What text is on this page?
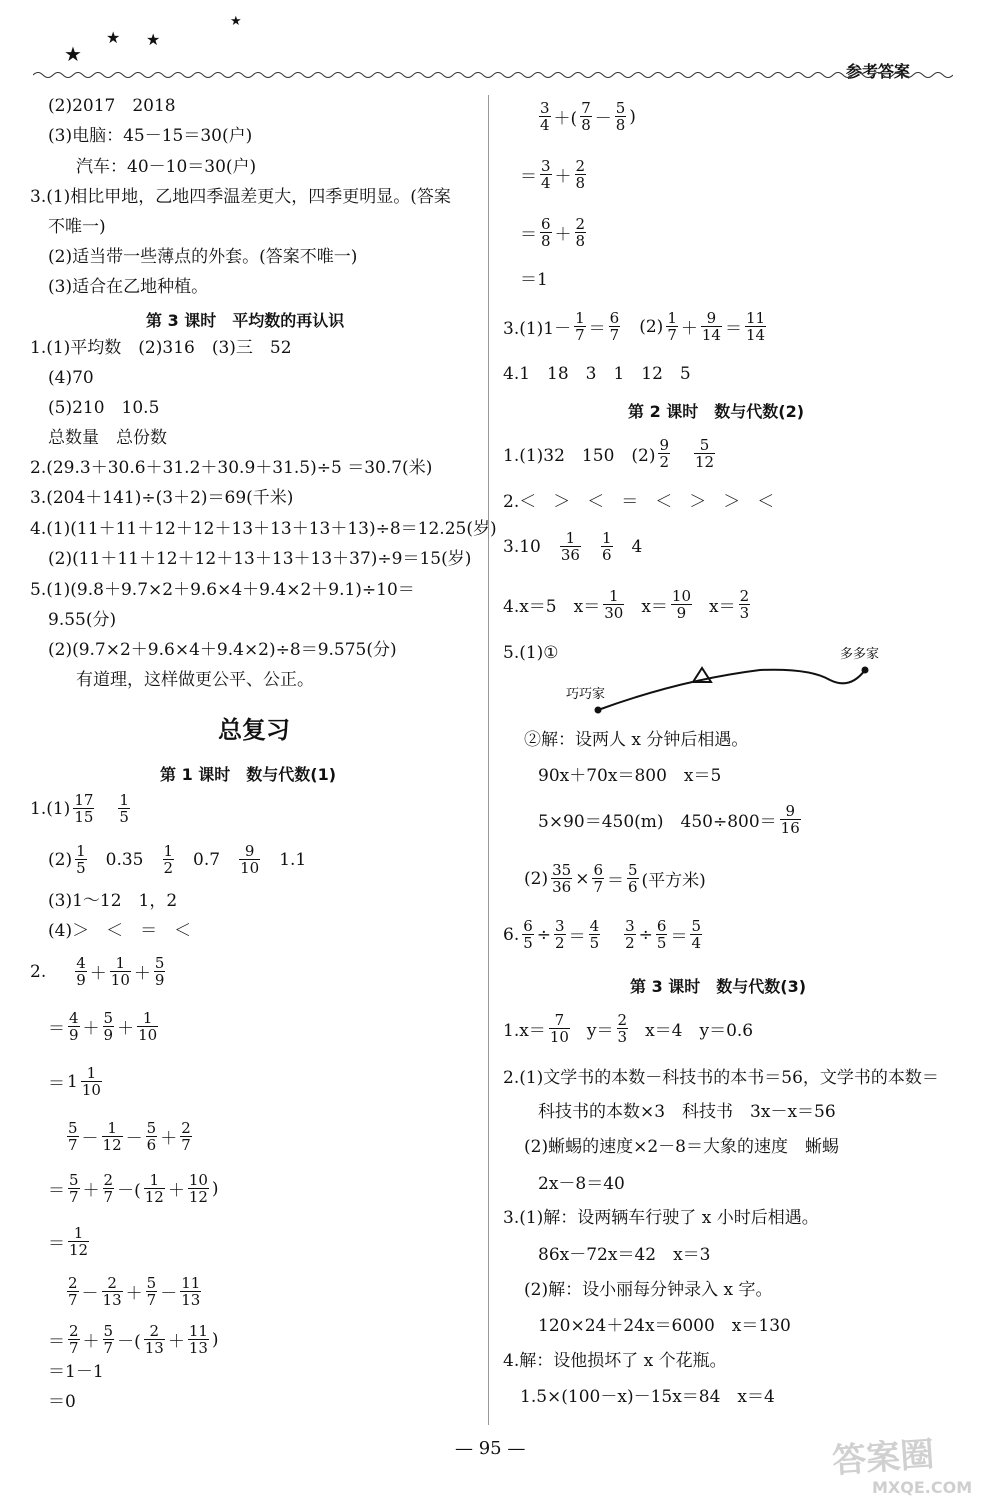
★
★ ★
★
参考答案
(2)2017　2018
(3)电脑：45－15＝30(户)
汽车：40－10＝30(户)
3.(1)相比甲地，乙地四季温差更大，四季更明显。(答案
不唯一)
(2)适当带一些薄点的外套。(答案不唯一)
(3)适合在乙地种植。
第 3 课时　平均数的再认识
1.(1)平均数　(2)316　(3)三　52
(4)70
(5)210　10.5
总数量　总份数
2.(29.3＋30.6＋31.2＋30.9＋31.5)÷5 ＝30.7(米)
3.(204＋141)÷(3＋2)＝69(千米)
4.(1)(11＋11＋12＋12＋13＋13＋13＋13)÷8＝12.25(岁)
(2)(11＋11＋12＋12＋13＋13＋13＋37)÷9＝15(岁)
5.(1)(9.8＋9.7×2＋9.6×4＋9.4×2＋9.1)÷10＝
9.55(分)
(2)(9.7×2＋9.6×4＋9.4×2)÷8＝9.575(分)
有道理，这样做更公平、公正。
总复习
第 1 课时　数与代数(1)
$1.(1) \frac{17}{15} \frac{1}{5}$
$(2) \frac{1}{5} 0.35 \frac{1}{2} 0.7 \frac{9}{10} 1.1$
(3)1～12　1，2
(4)＞　＜　＝　＜
2. $\frac{4}{9} + \frac{1}{10} + \frac{5}{9}$
＝ $\frac{4}{9} + \frac{5}{9} + \frac{1}{10}$
＝ $1 \frac{1}{10}$
$\frac{5}{7} - \frac{1}{12} - \frac{5}{6} + \frac{2}{7}$
＝ $\frac{5}{7} + \frac{2}{7}$ －( $\frac{1}{12} + \frac{10}{12}$ )
＝ $\frac{1}{12}$
$\frac{2}{7} - \frac{2}{13} + \frac{5}{7} - \frac{11}{13}$
＝ $\frac{2}{7} + \frac{5}{7}$ －( $\frac{2}{13} + \frac{11}{13}$ )
＝1－1
＝0
$\frac{3}{4}$ ＋( $\frac{7}{8} - \frac{5}{8}$ )
＝ $\frac{3}{4} + \frac{2}{8}$
＝ $\frac{6}{8} + \frac{2}{8}$
＝1
$3.(1)1- \frac{1}{7} = \frac{6}{7} (2) \frac{1}{7} + \frac{9}{14} = \frac{11}{14}$
4.1　18　3　1　12　5
第 2 课时　数与代数(2)
1.(1)32　150　$(2) \frac{9}{2} \frac{5}{12}$
2.＜　＞　＜　＝　＜　＞　＞　＜
$3.10 \frac{1}{36} \frac{1}{6} 4$
4.x＝5　$x= \frac{1}{30} x= \frac{10}{9} x= \frac{2}{3}$
5.(1)①	多多家
巧巧家
②解：设两人 x 分钟后相遇。
90x＋70x＝800　x＝5
5×90＝450(m)　$450\div 800= \frac{9}{16}$
$(2) \frac{35}{36} \times \frac{6}{7} = \frac{5}{6}$ (平方米)
6. $\frac{6}{5} \div \frac{3}{2} = \frac{4}{5} \frac{3}{2} \div \frac{6}{5} = \frac{5}{4}$
第 3 课时　数与代数(3)
$1.x= \frac{7}{10} y= \frac{2}{3} x=4$　y＝0.6
2.(1)文学书的本数－科技书的本书＝56，文学书的本数＝
科技书的本数×3　科技书　3x－x＝56
(2)蜥蜴的速度×2－8＝大象的速度　蜥蜴
2x－8＝40
3.(1)解：设两辆车行驶了 x 小时后相遇。
86x－72x＝42　x＝3
(2)解：设小丽每分钟录入 x 字。
120×24＋24x＝6000　x＝130
4.解：设他损坏了 x 个花瓶。
1.5×(100－x)－15x＝84　x＝4
— 95 —	答案圈
MXQE.COM
